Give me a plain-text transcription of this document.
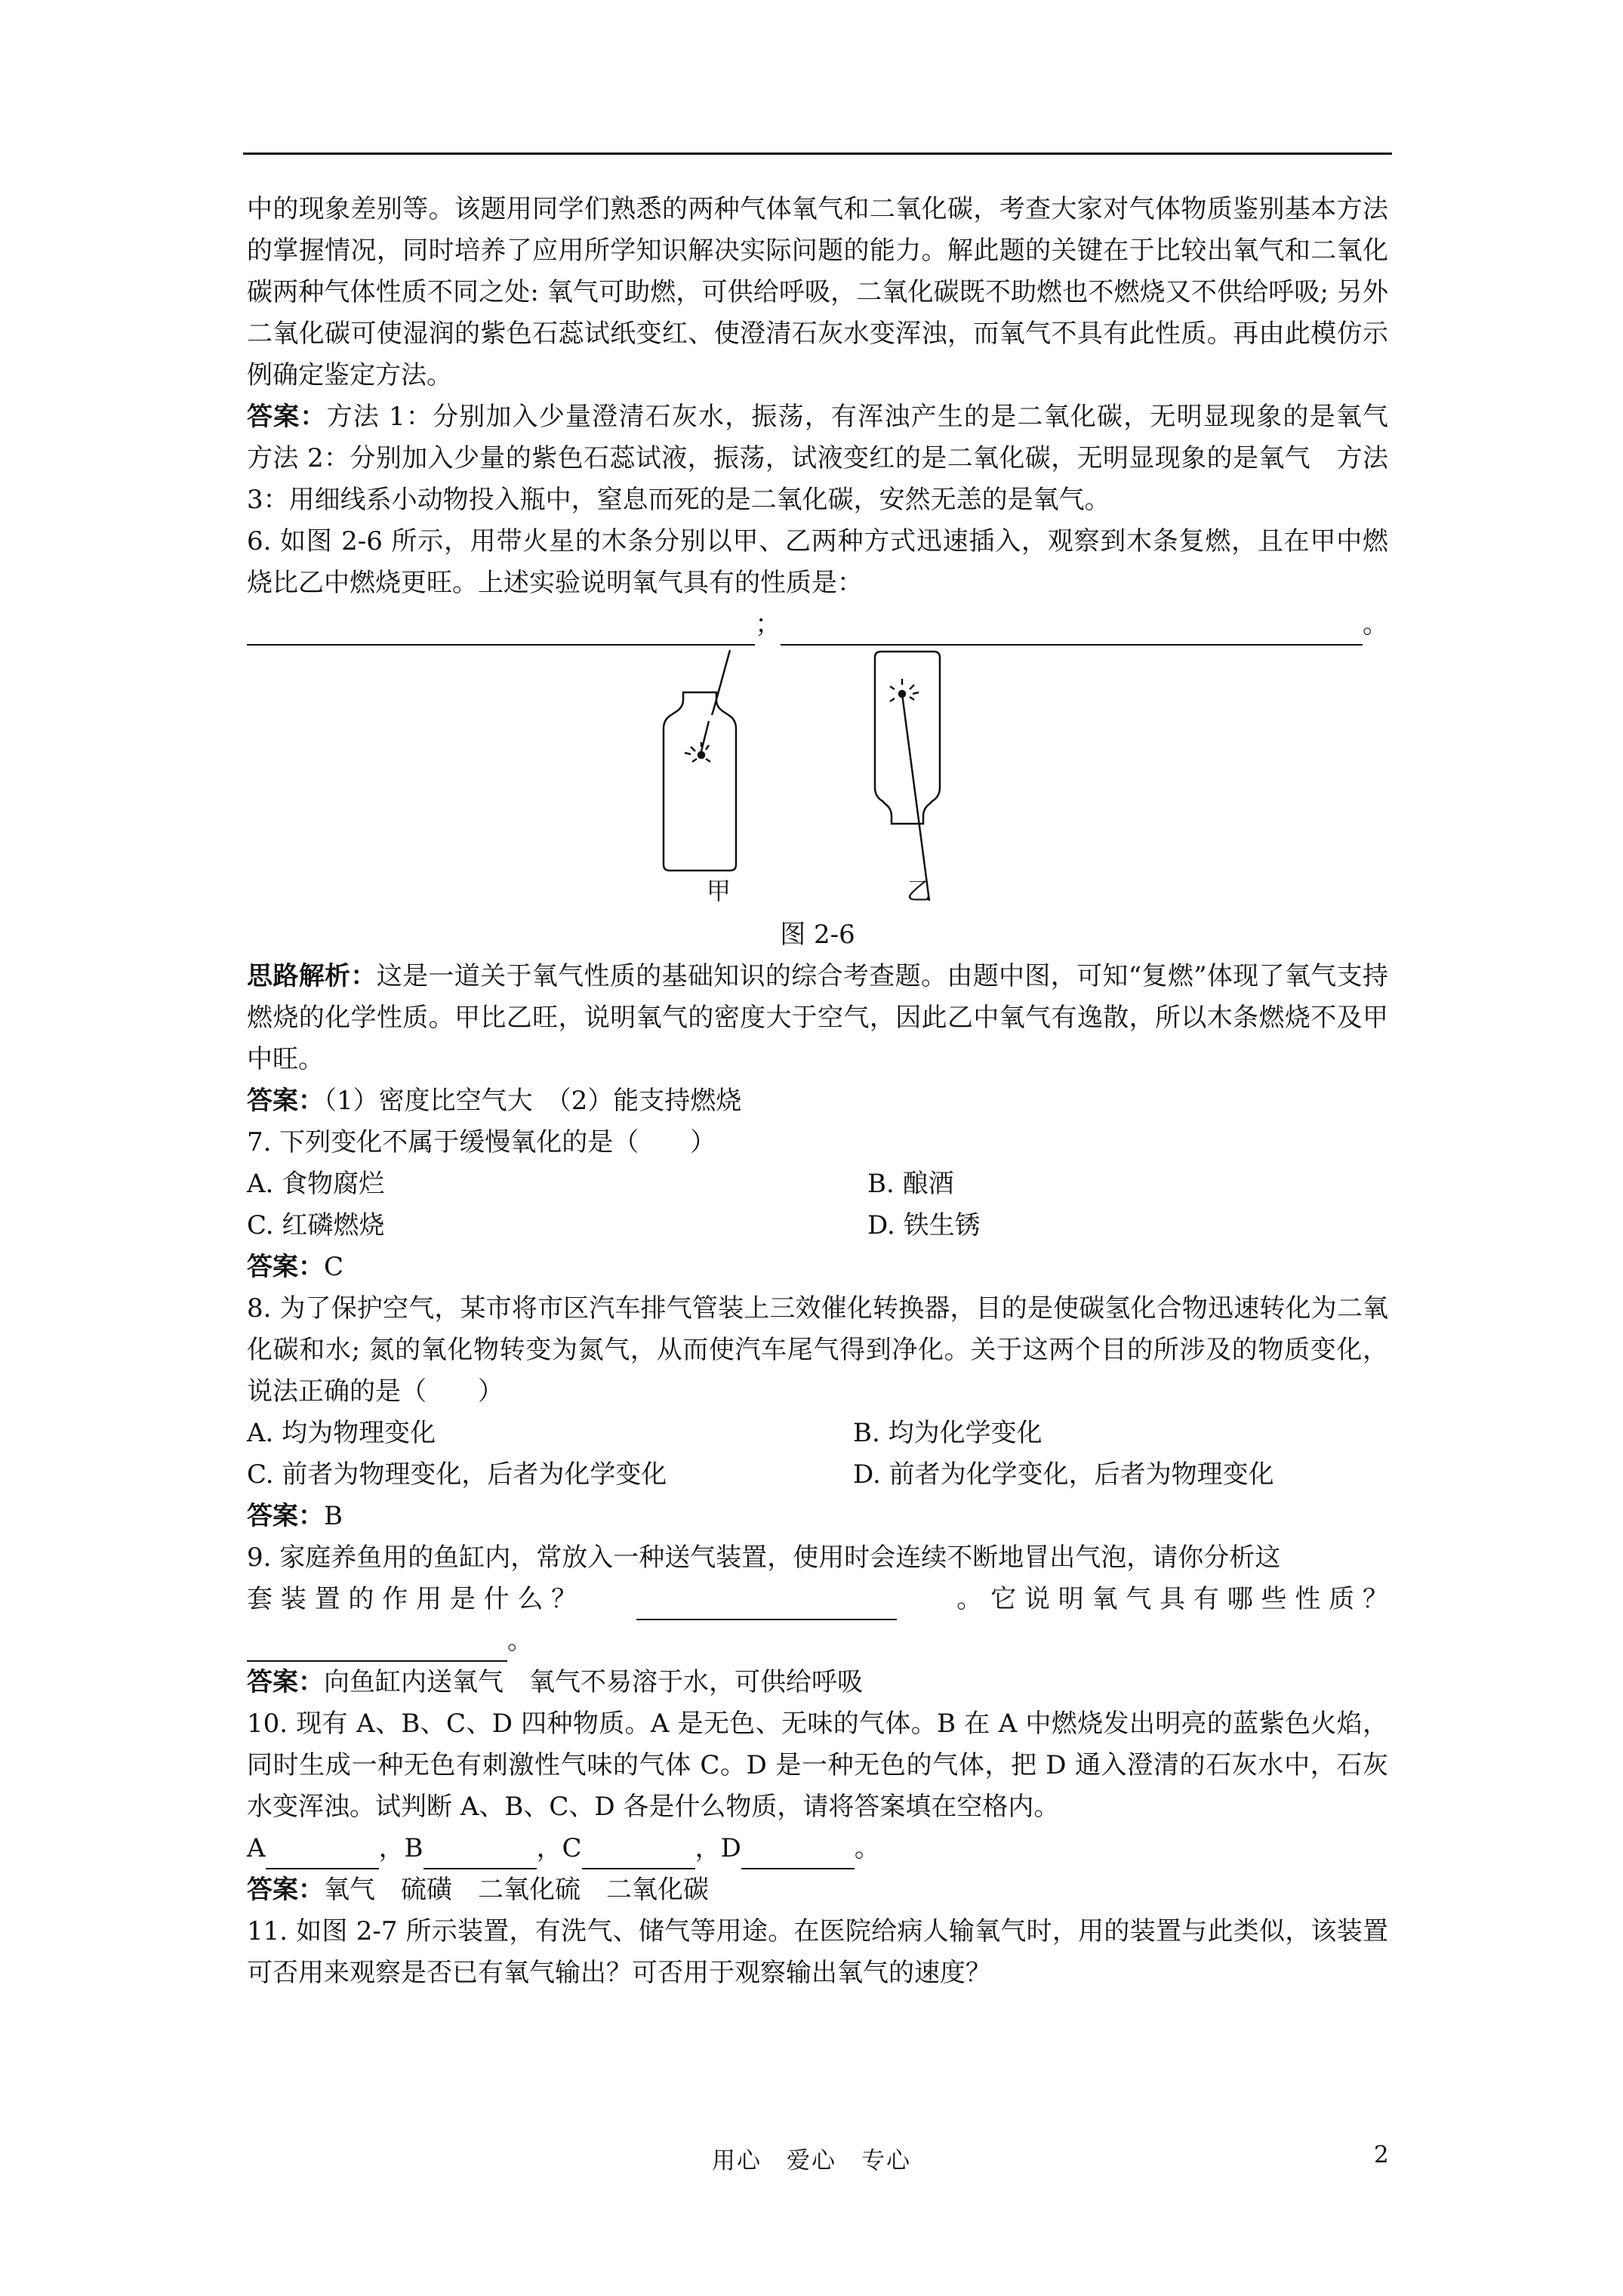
中的现象差别等。该题用同学们熟悉的两种气体氧气和二氧化碳，考查大家对气体物质鉴别基本方法的掌握情况，同时培养了应用所学知识解决实际问题的能力。解此题的关键在于比较出氧气和二氧化碳两种气体性质不同之处: 氧气可助燃，可供给呼吸，二氧化碳既不助燃也不燃烧又不供给呼吸; 另外二氧化碳可使湿润的紫色石蕊试纸变红、使澄清石灰水变浑浊，而氧气不具有此性质。再由此模仿示例确定鉴定方法。

答案：方法 1：分别加入少量澄清石灰水，振荡，有浑浊产生的是二氧化碳，无明显现象的是氧气　方法 2：分别加入少量的紫色石蕊试液，振荡，试液变红的是二氧化碳，无明显现象的是氧气　方法 3：用细线系小动物投入瓶中，窒息而死的是二氧化碳，安然无恙的是氧气。

6. 如图 2-6 所示，用带火星的木条分别以甲、乙两种方式迅速插入，观察到木条复燃，且在甲中燃烧比乙中燃烧更旺。上述实验说明氧气具有的性质是：

；	。
甲	乙
图 2-6

思路解析：这是一道关于氧气性质的基础知识的综合考查题。由题中图，可知“复燃”体现了氧气支持燃烧的化学性质。甲比乙旺，说明氧气的密度大于空气，因此乙中氧气有逸散，所以木条燃烧不及甲中旺。

答案：（1）密度比空气大　（2）能支持燃烧

7. 下列变化不属于缓慢氧化的是（　　）

A. 食物腐烂	B. 酿酒
C. 红磷燃烧	D. 铁生锈

答案：C

8. 为了保护空气，某市将市区汽车排气管装上三效催化转换器，目的是使碳氢化合物迅速转化为二氧化碳和水; 氮的氧化物转变为氮气，从而使汽车尾气得到净化。关于这两个目的所涉及的物质变化，说法正确的是（　　）

A. 均为物理变化	B. 均为化学变化
C. 前者为物理变化，后者为化学变化	D. 前者为化学变化，后者为物理变化

答案：B

9. 家庭养鱼用的鱼缸内，常放入一种送气装置，使用时会连续不断地冒出气泡，请你分析这

套 装 置 的 作 用 是 什 么 ？	。 它 说 明 氧 气 具 有 哪 些 性 质 ？
。

答案：向鱼缸内送氧气　氧气不易溶于水，可供给呼吸

10. 现有 A、B、C、D 四种物质。A 是无色、无味的气体。B 在 A 中燃烧发出明亮的蓝紫色火焰，同时生成一种无色有刺激性气味的气体 C。D 是一种无色的气体，把 D 通入澄清的石灰水中，石灰水变浑浊。试判断 A、B、C、D 各是什么物质，请将答案填在空格内。

A	，B	，C	，D	。

答案：氧气　硫磺　二氧化硫　二氧化碳

11. 如图 2-7 所示装置，有洗气、储气等用途。在医院给病人输氧气时，用的装置与此类似，该装置可否用来观察是否已有氧气输出？可否用于观察输出氧气的速度？

用心　爱心　专心	2
